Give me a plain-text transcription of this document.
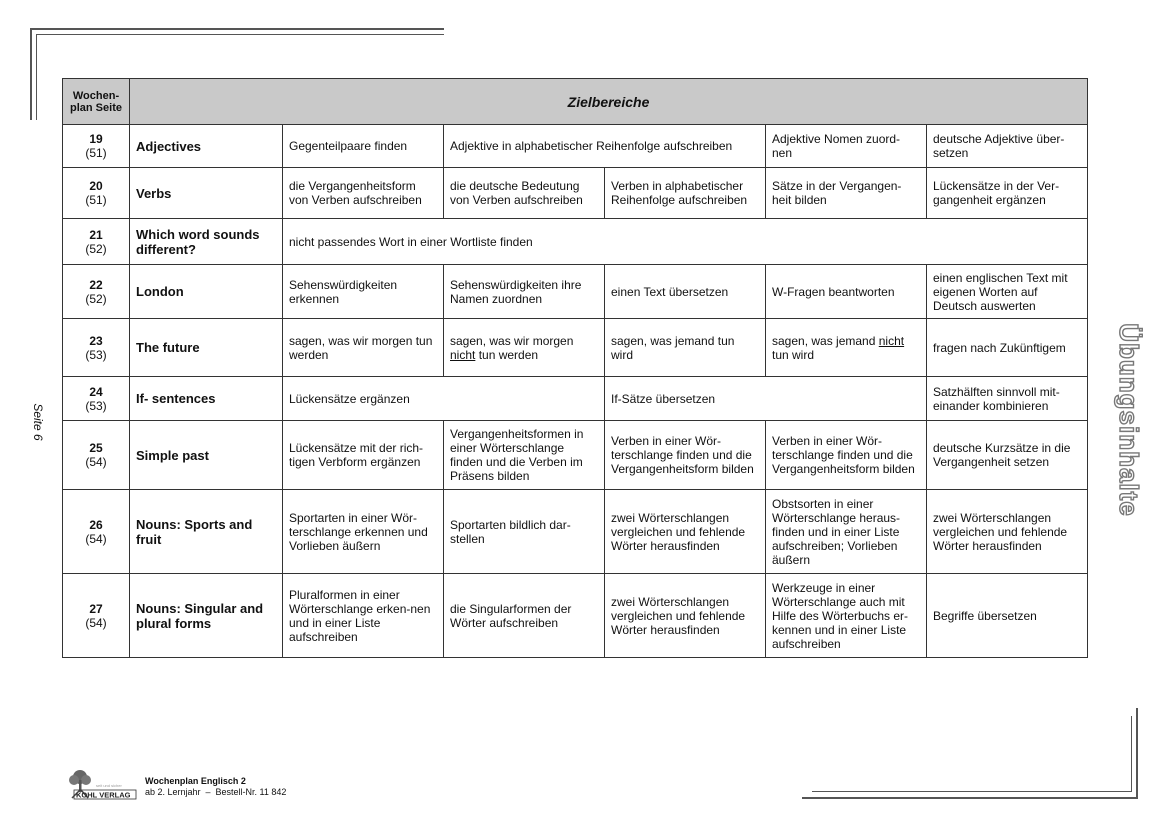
Wochen-
plan Seite	Zielbereiche					

19
(51)	Adjectives	Gegenteilpaare finden	Adjektive in alphabetischer Reihenfolge aufschreiben		Adjektive Nomen zuord-nen	deutsche Adjektive über-setzen

20
(51)	Verbs	die Vergangenheitsform von Verben aufschreiben	die deutsche Bedeutung von Verben aufschreiben	Verben in alphabetischer Reihenfolge aufschreiben	Sätze in der Vergangen-heit bilden	Lückensätze in der Ver-gangenheit ergänzen

21
(52)	Which word sounds different?	nicht passendes Wort in einer Wortliste finden				

22
(52)	London	Sehenswürdigkeiten erkennen	Sehenswürdigkeiten ihre Namen zuordnen	einen Text übersetzen	W-Fragen beantworten	einen englischen Text mit eigenen Worten auf Deutsch auswerten

23
(53)	The future	sagen, was wir morgen tun werden	sagen, was wir morgen
nicht tun werden	sagen, was jemand tun wird	sagen, was jemand nicht
tun wird	fragen nach Zukünftigem

24
(53)	If- sentences	Lückensätze ergänzen		If-Sätze übersetzen		Satzhälften sinnvoll mit-einander kombinieren

25
(54)	Simple past	Lückensätze mit der rich-tigen Verbform ergänzen	Vergangenheitsformen in einer Wörterschlange finden und die Verben im Präsens bilden	Verben in einer Wör-terschlange finden und die Vergangenheitsform bilden	Verben in einer Wör-terschlange finden und die Vergangenheitsform bilden	deutsche Kurzsätze in die Vergangenheit setzen

26
(54)	Nouns: Sports and fruit	Sportarten in einer Wör-terschlange erkennen und Vorlieben äußern	Sportarten bildlich dar-stellen	zwei Wörterschlangen vergleichen und fehlende Wörter herausfinden	Obstsorten in einer Wörterschlange heraus-finden und in einer Liste aufschreiben; Vorlieben äußern	zwei Wörterschlangen vergleichen und fehlende Wörter herausfinden

27
(54)	Nouns: Singular and plural forms	Pluralformen in einer Wörterschlange erken-nen und in einer Liste aufschreiben	die Singularformen der Wörter aufschreiben	zwei Wörterschlangen vergleichen und fehlende Wörter herausfinden	Werkzeuge in einer Wörterschlange auch mit Hilfe des Wörterbuchs er-kennen und in einer Liste aufschreiben	Begriffe übersetzen
Seite 6	Übungsinhalte
seit und sicher
KOHL VERLAG
Wochenplan Englisch 2
ab 2. Lernjahr  –  Bestell-Nr. 11 842
